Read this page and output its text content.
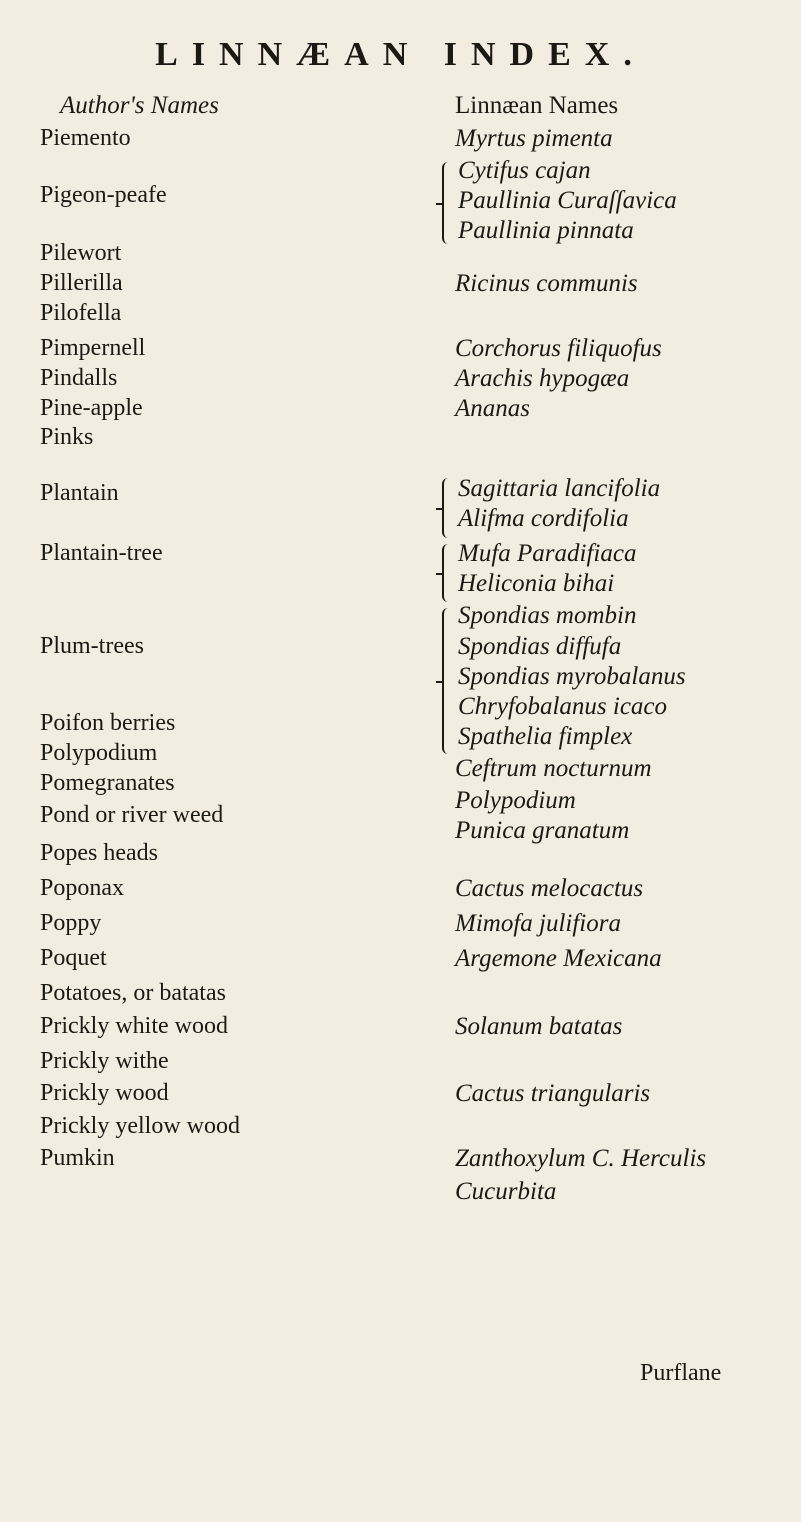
LINNÆAN INDEX.
Author's Names	Linnæan Names
Piemento
Pigeon-peafe
Pilewort
Pillerilla
Pilofella
Pimpernell
Pindalls
Pine-apple
Pinks
Plantain
Plantain-tree
Plum-trees
Poifon berries
Polypodium
Pomegranates
Pond or river weed
Popes heads
Poponax
Poppy
Poquet
Potatoes, or batatas
Prickly white wood
Prickly withe
Prickly wood
Prickly yellow wood
Pumkin
Myrtus pimenta
Cytifus cajan
Paullinia Curaſſavica
Paullinia pinnata
Ricinus communis
Corchorus filiquofus
Arachis hypogæa
Ananas
Sagittaria lancifolia
Alifma cordifolia
Mufa Paradifiaca
Heliconia bihai
Spondias mombin
Spondias diffufa
Spondias myrobalanus
Chryfobalanus icaco
Spathelia fimplex
Ceftrum nocturnum
Polypodium
Punica granatum
Cactus melocactus
Mimofa julifiora
Argemone Mexicana
Solanum batatas
Cactus triangularis
Zanthoxylum C. Herculis
Cucurbita
Purflane
